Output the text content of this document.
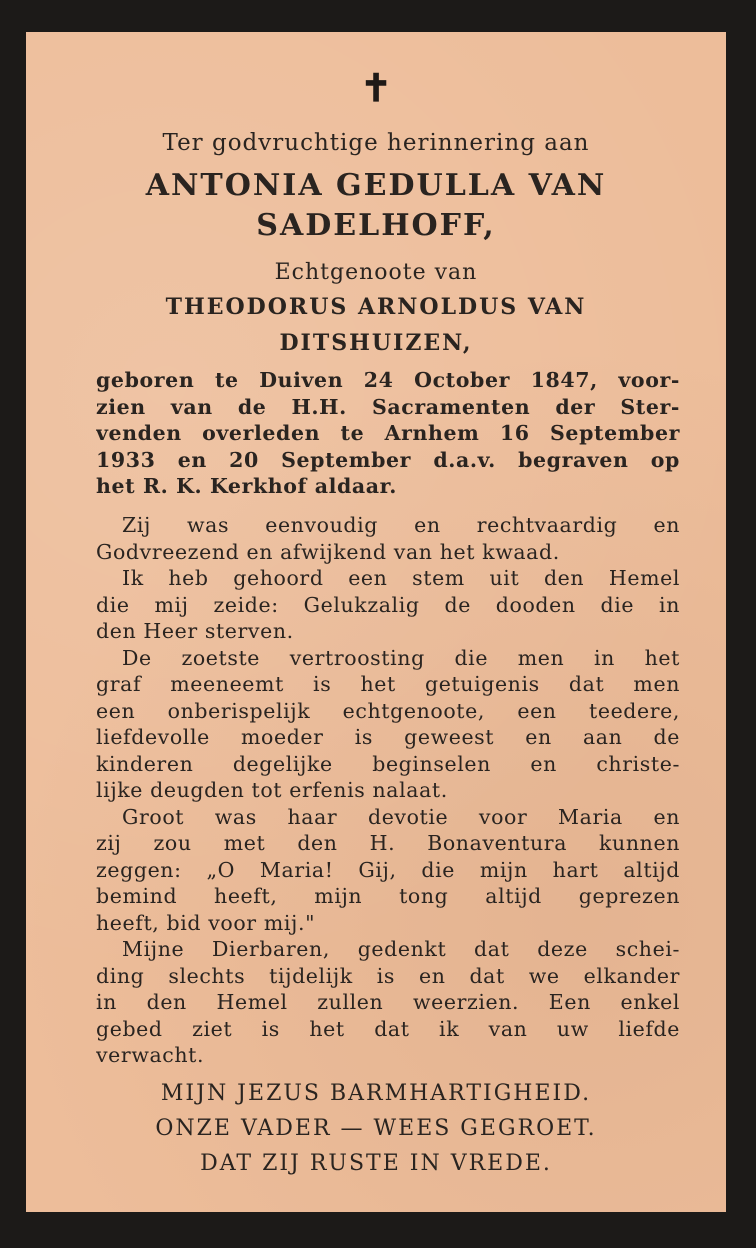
✝
Ter godvruchtige herinnering aan
ANTONIA GEDULLA VAN
SADELHOFF,
Echtgenoote van
THEODORUS ARNOLDUS VAN
DITSHUIZEN,
geboren te Duiven 24 October 1847, voor-
zien van de H.H. Sacramenten der Ster-
venden overleden te Arnhem 16 September
1933 en 20 September d.a.v. begraven op
het R. K. Kerkhof aldaar.
Zij was eenvoudig en rechtvaardig en
Godvreezend en afwijkend van het kwaad.
Ik heb gehoord een stem uit den Hemel
die mij zeide: Gelukzalig de dooden die in
den Heer sterven.
De zoetste vertroosting die men in het
graf meeneemt is het getuigenis dat men
een onberispelijk echtgenoote, een teedere,
liefdevolle moeder is geweest en aan de
kinderen degelijke beginselen en christe-
lijke deugden tot erfenis nalaat.
Groot was haar devotie voor Maria en
zij zou met den H. Bonaventura kunnen
zeggen: „O Maria! Gij, die mijn hart altijd
bemind heeft, mijn tong altijd geprezen
heeft, bid voor mij."
Mijne Dierbaren, gedenkt dat deze schei-
ding slechts tijdelijk is en dat we elkander
in den Hemel zullen weerzien. Een enkel
gebed ziet is het dat ik van uw liefde
verwacht.
MIJN JEZUS BARMHARTIGHEID.
ONZE VADER — WEES GEGROET.
DAT ZIJ RUSTE IN VREDE.
